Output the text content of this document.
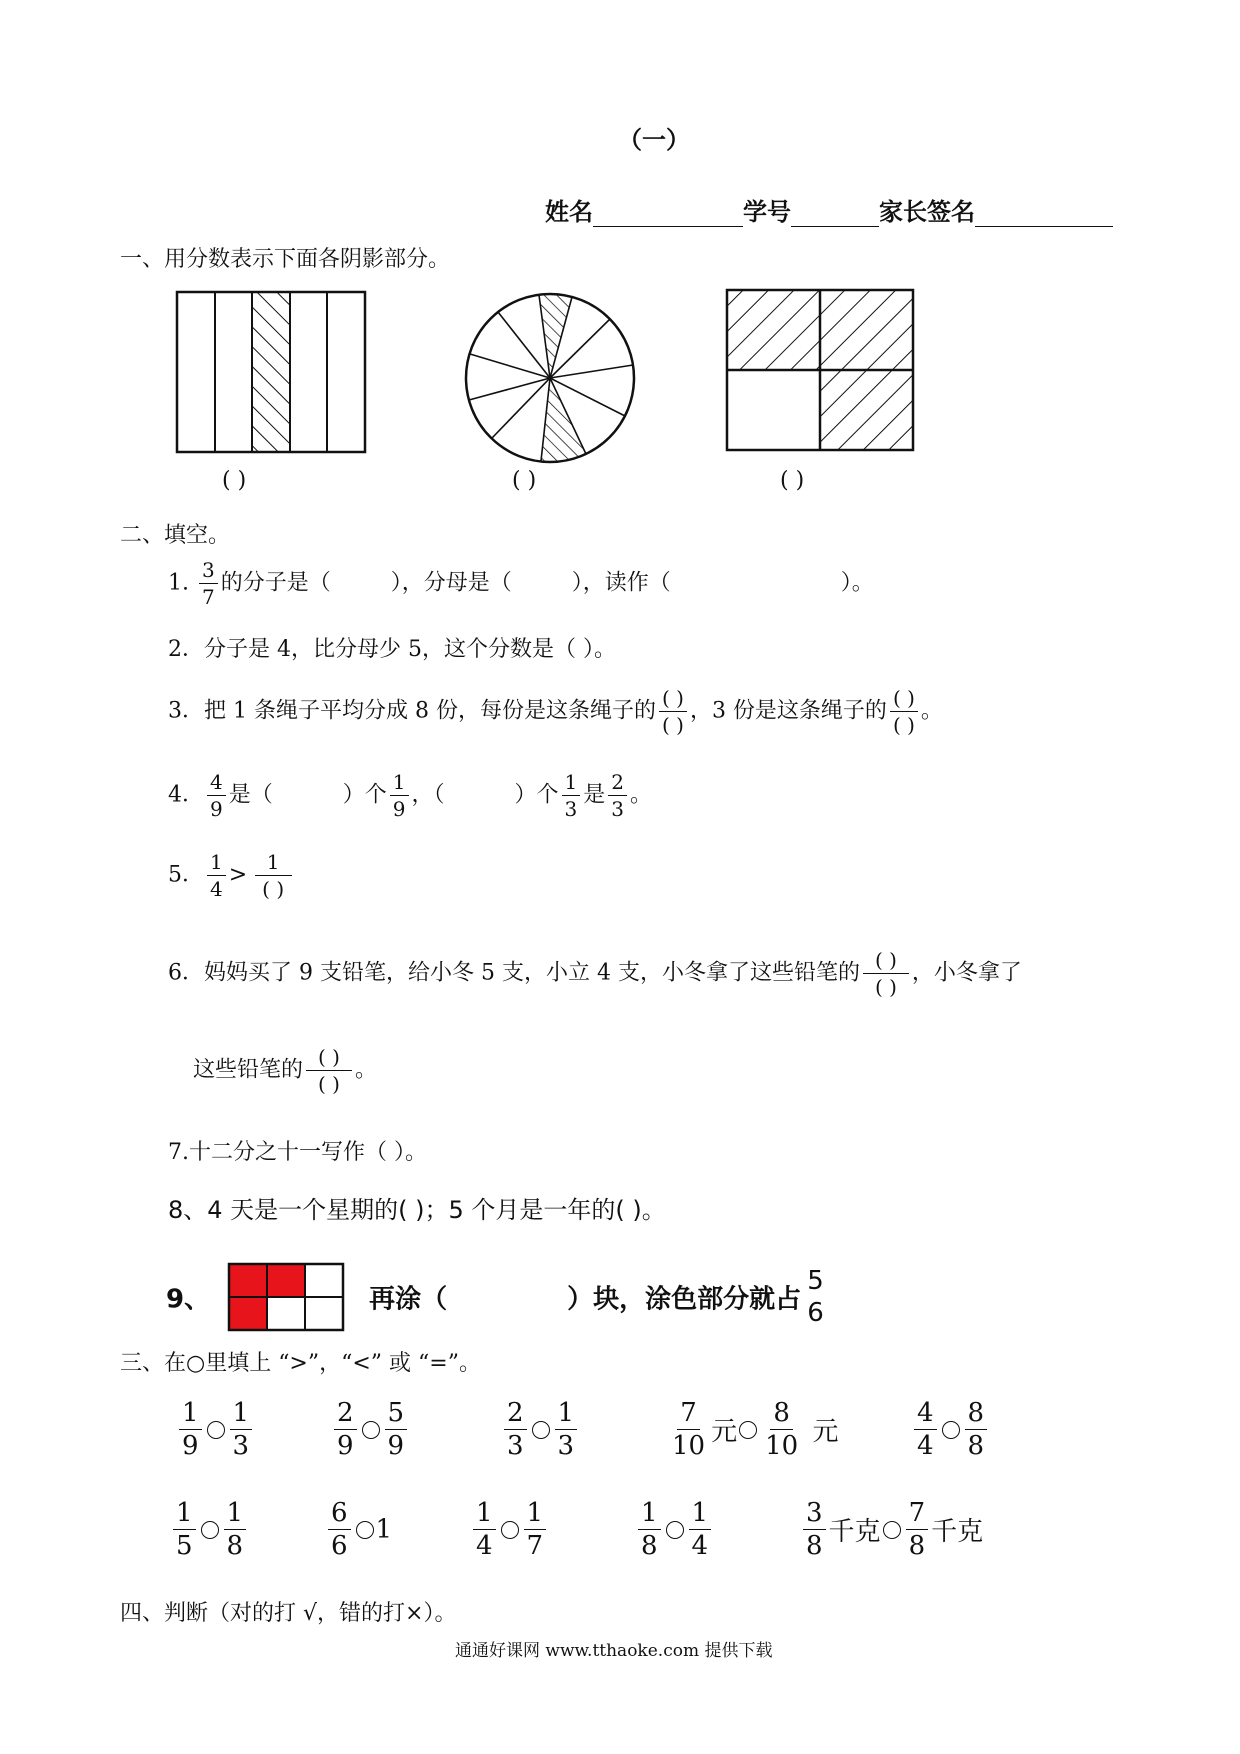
（一）
姓名	学号	家长签名
一、用分数表示下面各阴影部分。
( )	( )	( )
二、填空。
1. $\frac{3}{7}$ 的分子是（	），分母是（	），读作（	）。
2．分子是 4，比分母少 5，这个分数是（ ）。
3．把 1 条绳子平均分成 8 份，每份是这条绳子的 $\frac{( )}{( )}$ ，3 份是这条绳子的 $\frac{( )}{( )}$ 。
4． $\frac{4}{9}$ 是（	）个 $\frac{1}{9}$ ，（	）个 $\frac{1}{3}$ 是 $\frac{2}{3}$ 。
5． $\frac{1}{4} > \frac{1}{( )}$
6．妈妈买了 9 支铅笔，给小冬 5 支，小立 4 支，小冬拿了这些铅笔的 $\frac{( )}{( )}$ ，小冬拿了
这些铅笔的 $\frac{( )}{( )}$ 。
7.十二分之十一写作（ ）。
8、4 天是一个星期的( )；5 个月是一年的( )。
9、	再涂（	）块，涂色部分就占
5
6
三、在○里填上 “>”，“<” 或 “=”。
$\frac{1}{9} \frac{1}{3}$	$\frac{2}{9} \frac{5}{9}$	$\frac{2}{3} \frac{1}{3}$	$\frac{7}{10}$ 元 $\frac{8}{10}$ 元	$\frac{4}{4} \frac{8}{8}$
$\frac{1}{5} \frac{1}{8}$	$\frac{6}{6} 1$	$\frac{1}{4} \frac{1}{7}$	$\frac{1}{8} \frac{1}{4}$	$\frac{3}{8}$ 千克 $\frac{7}{8}$ 千克
四、判断（对的打 √，错的打×）。
通通好课网 www.tthaoke.com 提供下载
